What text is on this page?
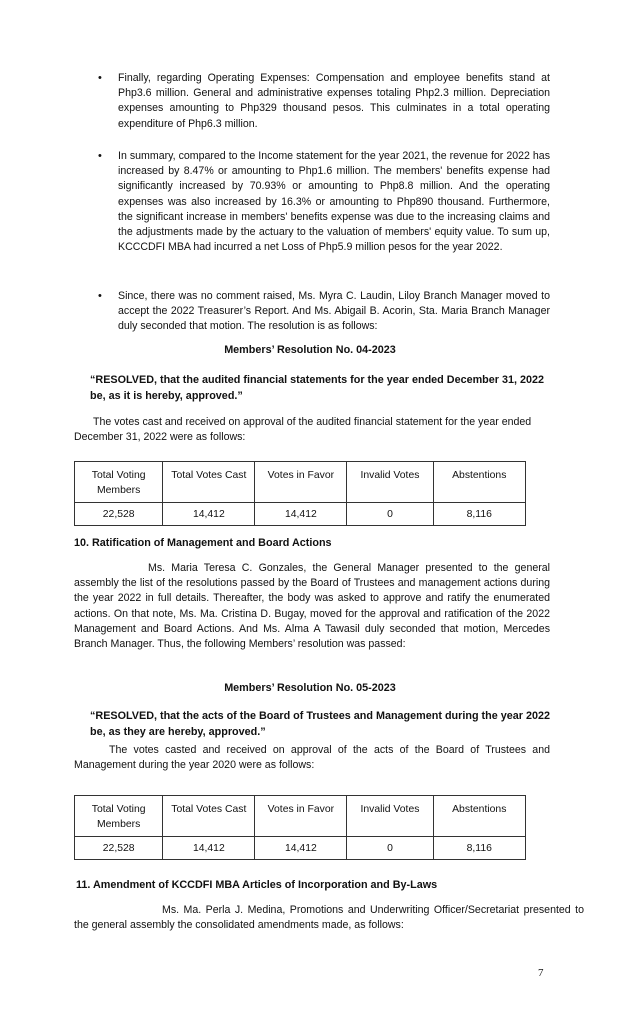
• Finally, regarding Operating Expenses: Compensation and employee benefits stand at Php3.6 million. General and administrative expenses totaling Php2.3 million. Depreciation expenses amounting to Php329 thousand pesos. This culminates in a total operating expenditure of Php6.3 million.
• In summary, compared to the Income statement for the year 2021, the revenue for 2022 has increased by 8.47% or amounting to Php1.6 million. The members' benefits expense had significantly increased by 70.93% or amounting to Php8.8 million. And the operating expenses was also increased by 16.3% or amounting to Php890 thousand. Furthermore, the significant increase in members' benefits expense was due to the increasing claims and the adjustments made by the actuary to the valuation of members' equity value. To sum up, KCCCDFI MBA had incurred a net Loss of Php5.9 million pesos for the year 2022.
• Since, there was no comment raised, Ms. Myra C. Laudin, Liloy Branch Manager moved to accept the 2022 Treasurer’s Report. And Ms. Abigail B. Acorin, Sta. Maria Branch Manager duly seconded that motion. The resolution is as follows:
Members’ Resolution No. 04-2023
“RESOLVED, that the audited financial statements for the year ended December 31, 2022 be, as it is hereby, approved.”
The votes cast and received on approval of the audited financial statement for the year ended December 31, 2022 were as follows:
Total Voting Members	Total Votes Cast	Votes in Favor	Invalid Votes	Abstentions
22,528	14,412	14,412	0	8,116
10. Ratification of Management and Board Actions
Ms. Maria Teresa C. Gonzales, the General Manager presented to the general assembly the list of the resolutions passed by the Board of Trustees and management actions during the year 2022 in full details. Thereafter, the body was asked to approve and ratify the enumerated actions. On that note, Ms. Ma. Cristina D. Bugay, moved for the approval and ratification of the 2022 Management and Board Actions. And Ms. Alma A Tawasil duly seconded that motion, Mercedes Branch Manager. Thus, the following Members’ resolution was passed:
Members’ Resolution No. 05-2023
“RESOLVED, that the acts of the Board of Trustees and Management during the year 2022 be, as they are hereby, approved.”
The votes casted and received on approval of the acts of the Board of Trustees and Management during the year 2020 were as follows:
Total Voting Members	Total Votes Cast	Votes in Favor	Invalid Votes	Abstentions
22,528	14,412	14,412	0	8,116
11. Amendment of KCCDFI MBA Articles of Incorporation and By-Laws
Ms. Ma. Perla J. Medina, Promotions and Underwriting Officer/Secretariat presented to the general assembly the consolidated amendments made, as follows:
7
